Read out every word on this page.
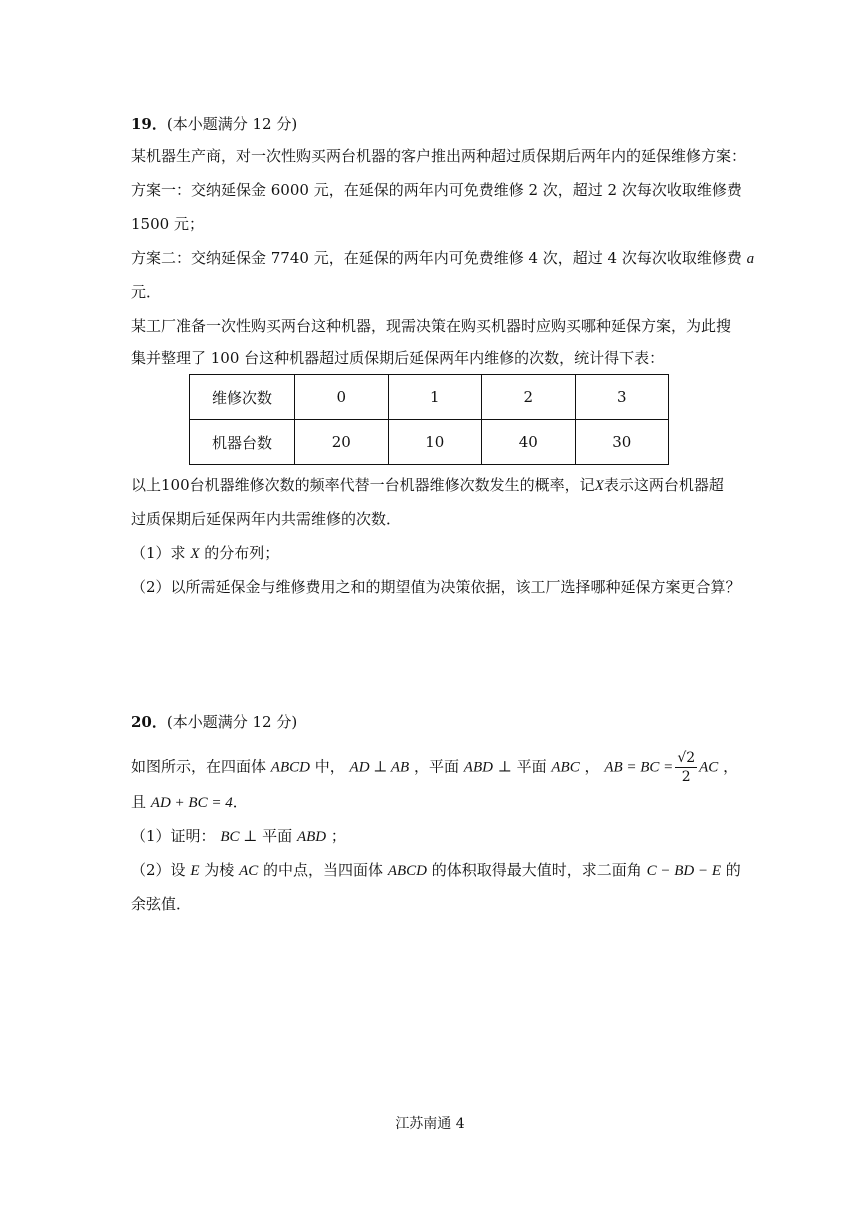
19．(本小题满分 12 分)
某机器生产商，对一次性购买两台机器的客户推出两种超过质保期后两年内的延保维修方案：
方案一：交纳延保金 6000 元，在延保的两年内可免费维修 2 次，超过 2 次每次收取维修费
1500 元；
方案二：交纳延保金 7740 元，在延保的两年内可免费维修 4 次，超过 4 次每次收取维修费 a
元．
某工厂准备一次性购买两台这种机器，现需决策在购买机器时应购买哪种延保方案，为此搜
集并整理了 100 台这种机器超过质保期后延保两年内维修的次数，统计得下表：
维修次数	0	1	2	3
机器台数	20	10	40	30
以上100台机器维修次数的频率代替一台机器维修次数发生的概率，记X表示这两台机器超
过质保期后延保两年内共需维修的次数．
（1）求 X 的分布列；
（2）以所需延保金与维修费用之和的期望值为决策依据，该工厂选择哪种延保方案更合算？
20．(本小题满分 12 分)
如图所示，在四面体 ABCD 中， AD ⊥ AB ，平面 ABD ⊥ 平面 ABC ， AB = BC = $\frac{√2}{2}$ AC ，
且 AD + BC = 4．
（1）证明： BC ⊥ 平面 ABD ；
（2）设 E 为棱 AC 的中点，当四面体 ABCD 的体积取得最大值时，求二面角 C − BD − E 的
余弦值．
江苏南通 4
